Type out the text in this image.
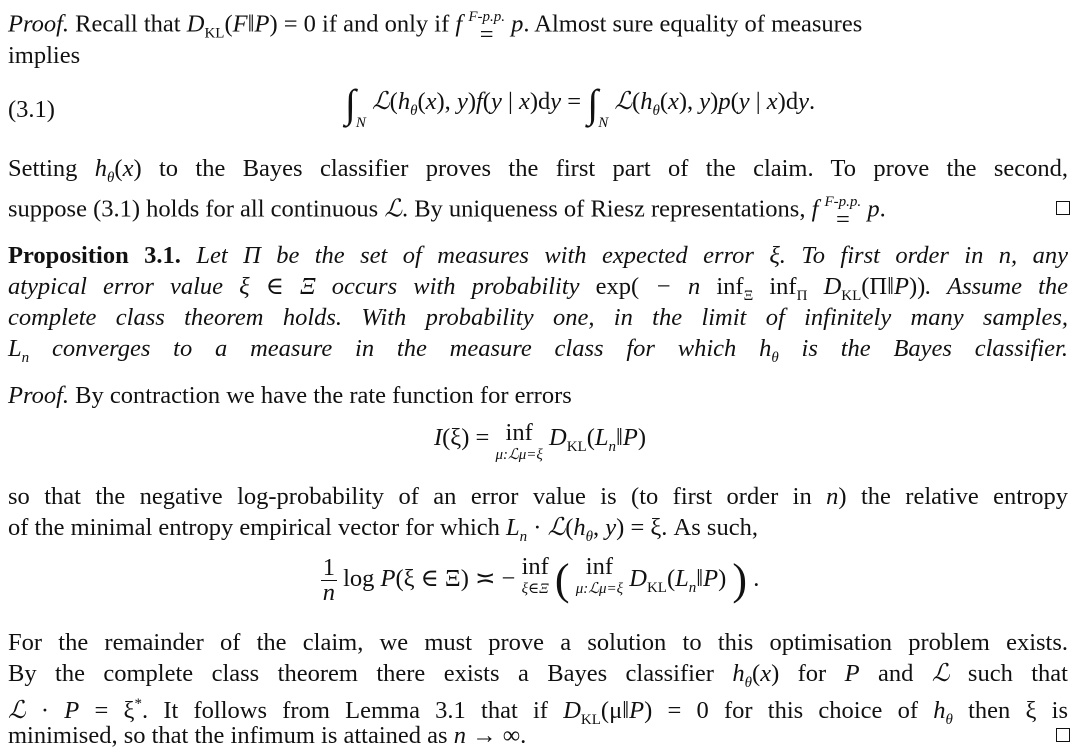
Proof. Recall that $D_{KL}(F‖P) = 0$ if and only if f F-p.p.
= p. Almost sure equality of measures
implies
(3.1)	$\int_N$ $ℒ(h_\theta(x)$, y)f(y | $x)dy = \int_N$ $ℒ(h_\theta(x)$, y)p(y | x)dy.
Setting $h_\theta(x)$ to the Bayes classifier proves the first part of the claim. To prove the second,
suppose (3.1) holds for all continuous ℒ. By uniqueness of Riesz representations, f F-p.p.
= p.
Proposition 3.1. Let Π be the set of measures with expected error ξ. To first order in n, any
atypical error value ξ ∈ Ξ occurs with probability exp( − n inf$_\Xi$ inf$_\Pi$ $D_{KL}(\Pi‖P)$). Assume the
complete class theorem holds. With probability one, in the limit of infinitely many samples,
$L_n$ converges to a measure in the measure class for which $h_\theta$ is the Bayes classifier.
Proof. By contraction we have the rate function for errors
I(ξ) = inf
μ:ℒμ=ξ
$D_{KL}(L_n‖P)$
so that the negative log-probability of an error value is (to first order in n) the relative entropy
of the minimal entropy empirical vector for which $L_n$ · $ℒ(h_\theta$, y) = ξ. As such,
$\frac{1}{n}$ log P(ξ ∈ Ξ) ≍ − inf
ξ∈Ξ ( inf
μ:ℒμ=ξ $D_{KL}(L_n‖P)$ ) .
For the remainder of the claim, we must prove a solution to this optimisation problem exists.
By the complete class theorem there exists a Bayes classifier $h_\theta(x)$ for P and ℒ such that
ℒ · P = ξ*. It follows from Lemma 3.1 that if $D_{KL}(\mu‖P) = 0$ for this choice of $h_\theta$ then ξ is
minimised, so that the infimum is attained as n → ∞.
